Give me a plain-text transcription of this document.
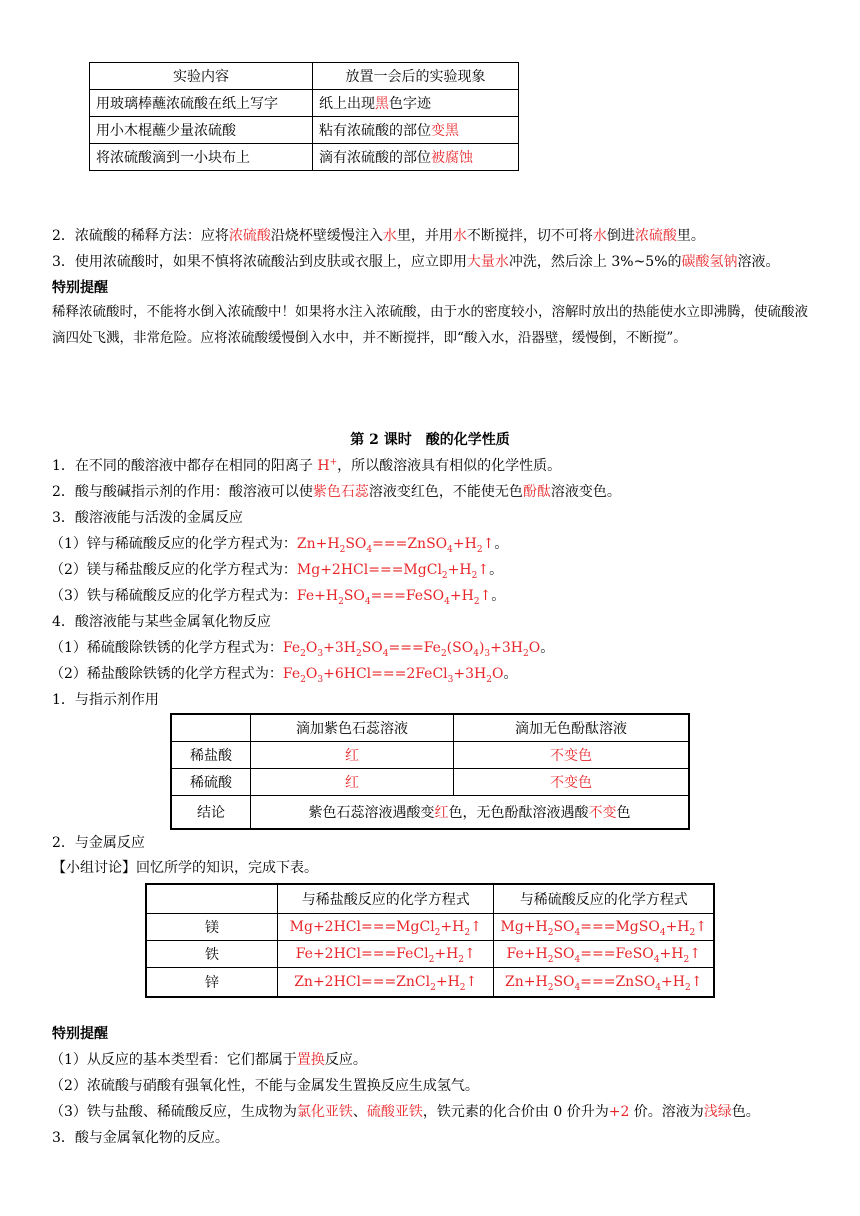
实验内容	放置一会后的实验现象
用玻璃棒蘸浓硫酸在纸上写字	纸上出现黑色字迹
用小木棍蘸少量浓硫酸	粘有浓硫酸的部位变黑
将浓硫酸滴到一小块布上	滴有浓硫酸的部位被腐蚀
2．浓硫酸的稀释方法：应将浓硫酸沿烧杯壁缓慢注入水里，并用水不断搅拌，切不可将水倒进浓硫酸里。
3．使用浓硫酸时，如果不慎将浓硫酸沾到皮肤或衣服上，应立即用大量水冲洗，然后涂上 3%~5%的碳酸氢钠溶液。
特别提醒
稀释浓硫酸时，不能将水倒入浓硫酸中！如果将水注入浓硫酸，由于水的密度较小，溶解时放出的热能使水立即沸腾，使硫酸液滴四处飞溅，非常危险。应将浓硫酸缓慢倒入水中，并不断搅拌，即“酸入水，沿器壁，缓慢倒，不断搅”。
第 2 课时　酸的化学性质
1．在不同的酸溶液中都存在相同的阳离子 H+，所以酸溶液具有相似的化学性质。
2．酸与酸碱指示剂的作用：酸溶液可以使紫色石蕊溶液变红色，不能使无色酚酞溶液变色。
3．酸溶液能与活泼的金属反应
（1）锌与稀硫酸反应的化学方程式为：$Zn+H_2SO_4===ZnSO_4+H_2↑$。
（2）镁与稀盐酸反应的化学方程式为：$Mg+2HCl===MgCl_2+H_2↑$。
（3）铁与稀硫酸反应的化学方程式为：$Fe+H_2SO_4===FeSO_4+H_2↑$。
4．酸溶液能与某些金属氧化物反应
（1）稀硫酸除铁锈的化学方程式为：$Fe_2O_3+3H_2SO_4===Fe_2(SO_4)_3+3H_2O$。
（2）稀盐酸除铁锈的化学方程式为：$Fe_2O_3+6HCl===2FeCl_3+3H_2O$。
1．与指示剂作用
	滴加紫色石蕊溶液	滴加无色酚酞溶液
稀盐酸	红	不变色
稀硫酸	红	不变色
结论	紫色石蕊溶液遇酸变红色，无色酚酞溶液遇酸不变色	
2．与金属反应
【小组讨论】回忆所学的知识，完成下表。
	与稀盐酸反应的化学方程式	与稀硫酸反应的化学方程式
镁	$Mg+2HCl===MgCl_2+H_2↑$	$Mg+H_2SO_4===MgSO_4+H_2↑$
铁	$Fe+2HCl===FeCl_2+H_2↑$	$Fe+H_2SO_4===FeSO_4+H_2↑$
锌	$Zn+2HCl===ZnCl_2+H_2↑$	$Zn+H_2SO_4===ZnSO_4+H_2↑$
特别提醒
（1）从反应的基本类型看：它们都属于置换反应。
（2）浓硫酸与硝酸有强氧化性，不能与金属发生置换反应生成氢气。
（3）铁与盐酸、稀硫酸反应，生成物为氯化亚铁、硫酸亚铁，铁元素的化合价由 0 价升为+2 价。溶液为浅绿色。
3．酸与金属氧化物的反应。
